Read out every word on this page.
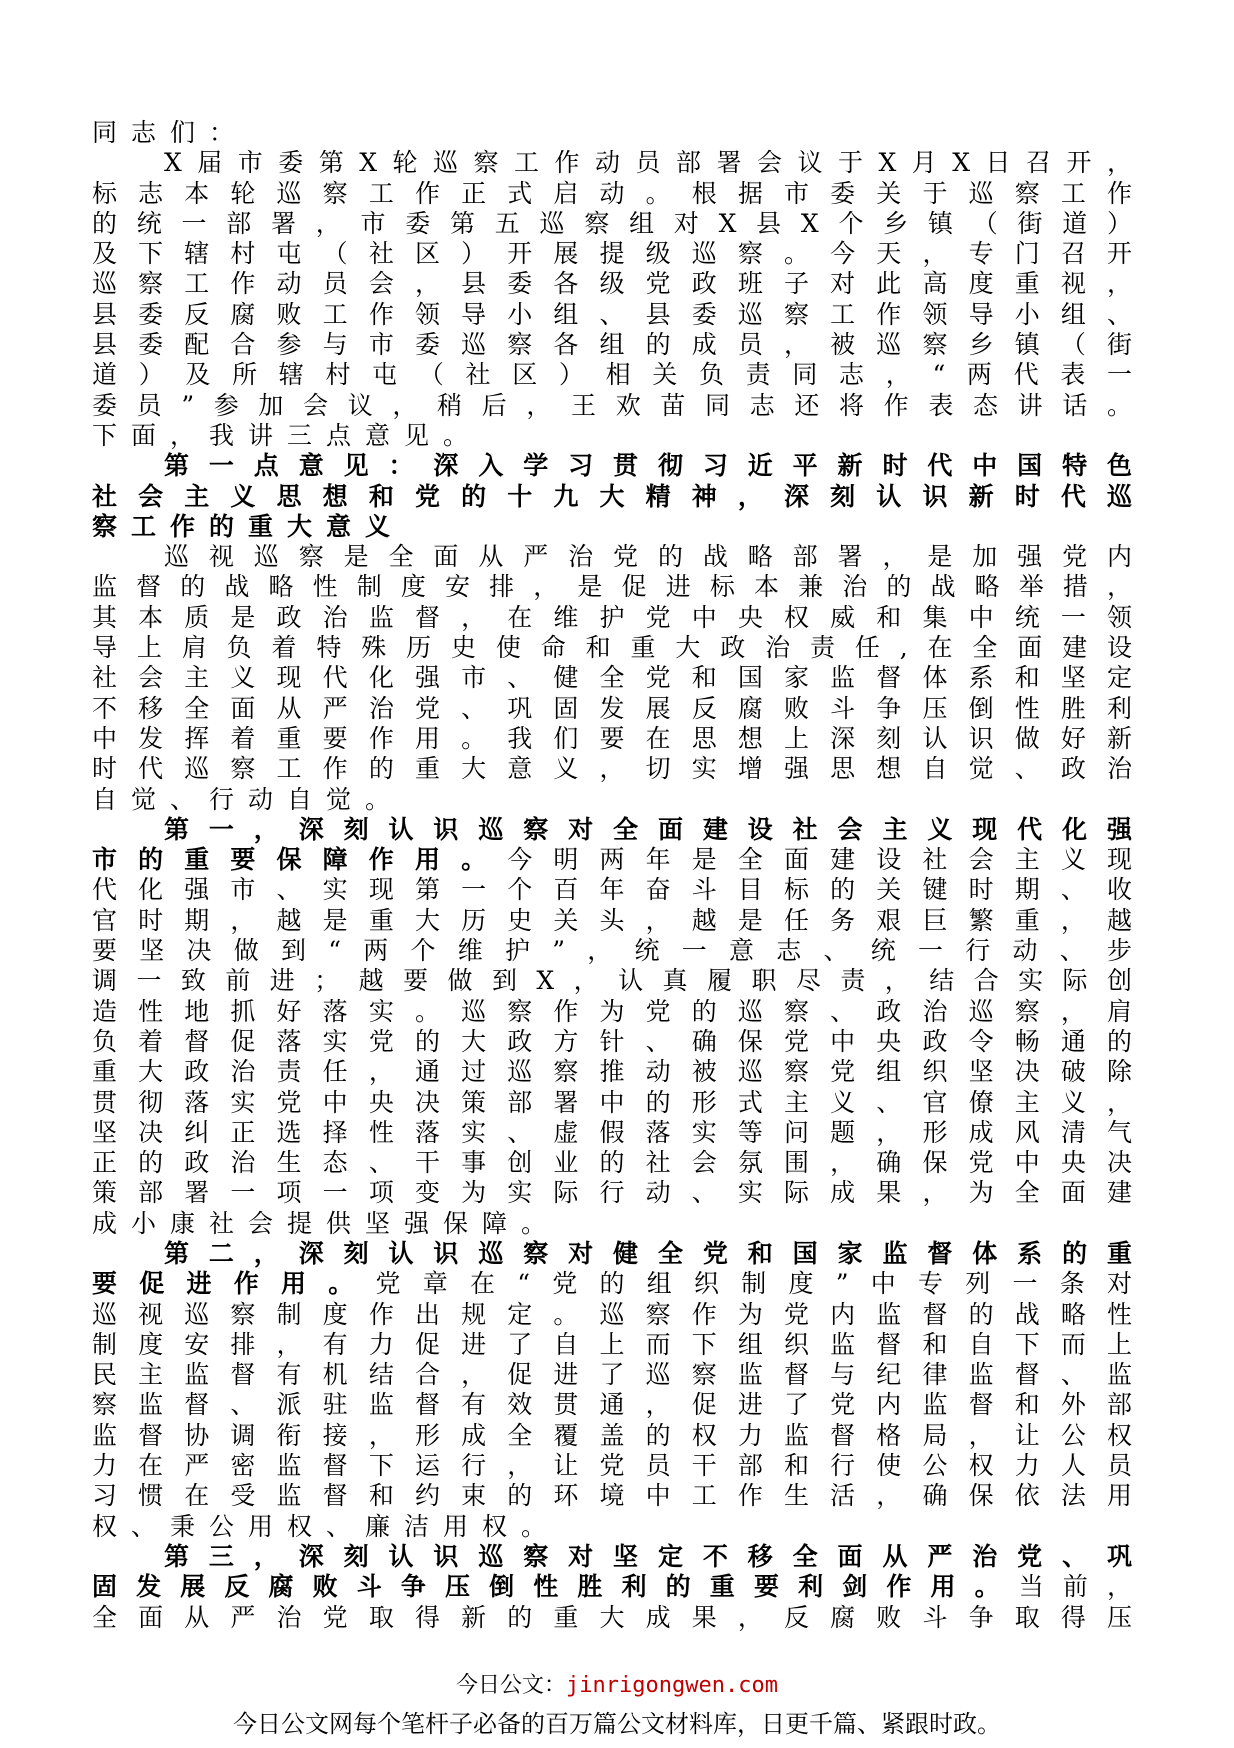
同志们：
X届市委第X轮巡察工作动员部署会议于X月X日召开，
标志本轮巡察工作正式启动。根据市委关于巡察工作
的统一部署，市委第五巡察组对X县X个乡镇（街道）
及下辖村屯（社区）开展提级巡察。今天，专门召开
巡察工作动员会，县委各级党政班子对此高度重视，
县委反腐败工作领导小组、县委巡察工作领导小组、
县委配合参与市委巡察各组的成员，被巡察乡镇（街
道）及所辖村屯（社区）相关负责同志，“两代表一
委员”参加会议，稍后，王欢苗同志还将作表态讲话。
下面，我讲三点意见。
第一点意见：深入学习贯彻习近平新时代中国特色
社会主义思想和党的十九大精神，深刻认识新时代巡
察工作的重大意义
巡视巡察是全面从严治党的战略部署，是加强党内
监督的战略性制度安排，是促进标本兼治的战略举措，
其本质是政治监督，在维护党中央权威和集中统一领
导上肩负着特殊历史使命和重大政治责任,在全面建设
社会主义现代化强市、健全党和国家监督体系和坚定
不移全面从严治党、巩固发展反腐败斗争压倒性胜利
中发挥着重要作用。我们要在思想上深刻认识做好新
时代巡察工作的重大意义，切实增强思想自觉、政治
自觉、行动自觉。
第一，深刻认识巡察对全面建设社会主义现代化强
市的重要保障作用。今明两年是全面建设社会主义现
代化强市、实现第一个百年奋斗目标的关键时期、收
官时期，越是重大历史关头，越是任务艰巨繁重，越
要坚决做到“两个维护”，统一意志、统一行动、步
调一致前进；越要做到X，认真履职尽责，结合实际创
造性地抓好落实。巡察作为党的巡察、政治巡察，肩
负着督促落实党的大政方针、确保党中央政令畅通的
重大政治责任，通过巡察推动被巡察党组织坚决破除
贯彻落实党中央决策部署中的形式主义、官僚主义，
坚决纠正选择性落实、虚假落实等问题，形成风清气
正的政治生态、干事创业的社会氛围，确保党中央决
策部署一项一项变为实际行动、实际成果，为全面建
成小康社会提供坚强保障。
第二，深刻认识巡察对健全党和国家监督体系的重
要促进作用。党章在“党的组织制度”中专列一条对
巡视巡察制度作出规定。巡察作为党内监督的战略性
制度安排，有力促进了自上而下组织监督和自下而上
民主监督有机结合，促进了巡察监督与纪律监督、监
察监督、派驻监督有效贯通，促进了党内监督和外部
监督协调衔接，形成全覆盖的权力监督格局，让公权
力在严密监督下运行，让党员干部和行使公权力人员
习惯在受监督和约束的环境中工作生活，确保依法用
权、秉公用权、廉洁用权。
第三，深刻认识巡察对坚定不移全面从严治党、巩
固发展反腐败斗争压倒性胜利的重要利剑作用。当前，
全面从严治党取得新的重大成果，反腐败斗争取得压
今日公文：jinrigongwen.com
今日公文网每个笔杆子必备的百万篇公文材料库，日更千篇、紧跟时政。
